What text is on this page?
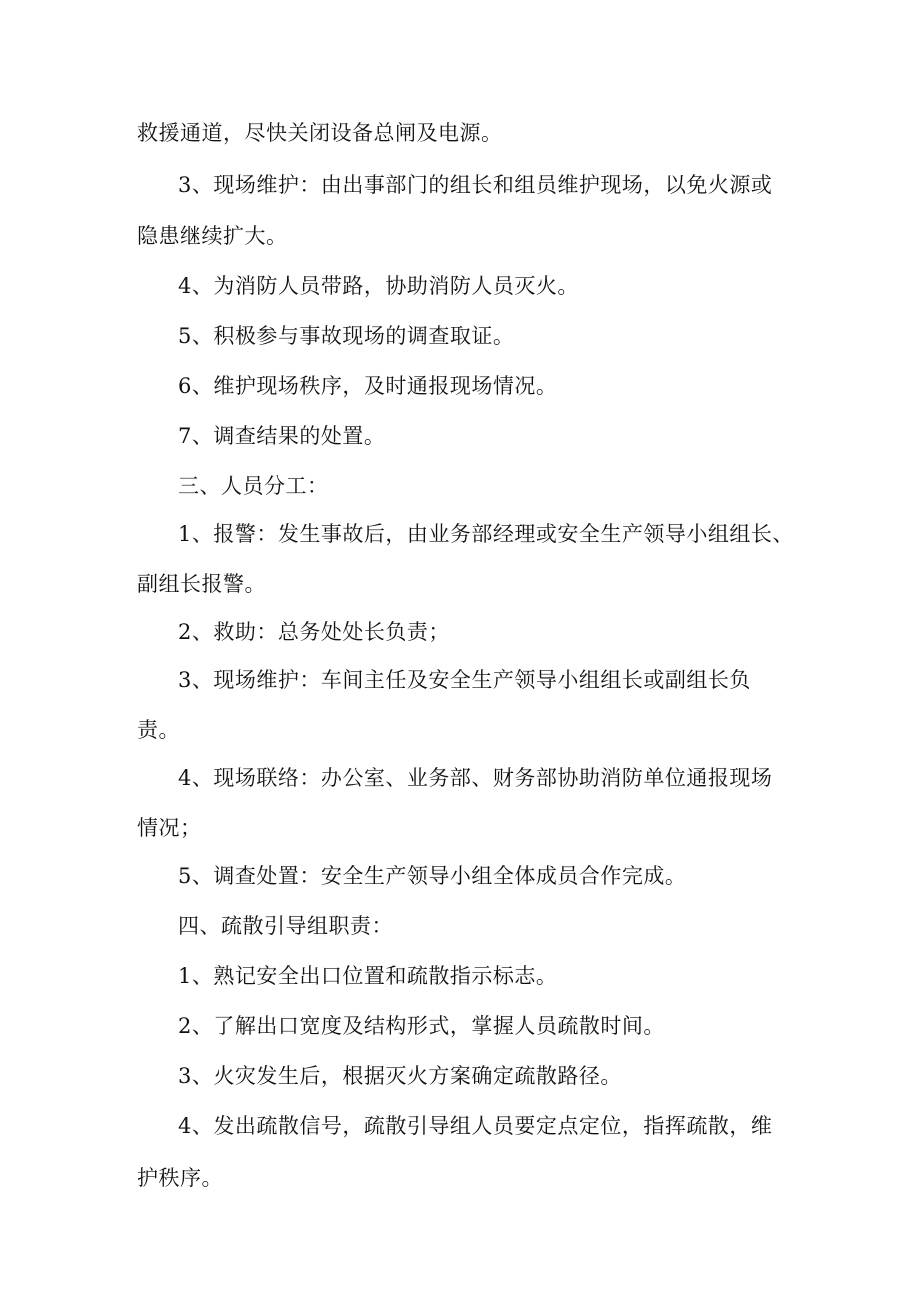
救援通道，尽快关闭设备总闸及电源。
3、现场维护：由出事部门的组长和组员维护现场，以免火源或
隐患继续扩大。
4、为消防人员带路，协助消防人员灭火。
5、积极参与事故现场的调查取证。
6、维护现场秩序，及时通报现场情况。
7、调查结果的处置。
三、人员分工：
1、报警：发生事故后，由业务部经理或安全生产领导小组组长、
副组长报警。
2、救助：总务处处长负责；
3、现场维护：车间主任及安全生产领导小组组长或副组长负
责。
4、现场联络：办公室、业务部、财务部协助消防单位通报现场
情况；
5、调查处置：安全生产领导小组全体成员合作完成。
四、疏散引导组职责：
1、熟记安全出口位置和疏散指示标志。
2、了解出口宽度及结构形式，掌握人员疏散时间。
3、火灾发生后，根据灭火方案确定疏散路径。
4、发出疏散信号，疏散引导组人员要定点定位，指挥疏散，维
护秩序。
